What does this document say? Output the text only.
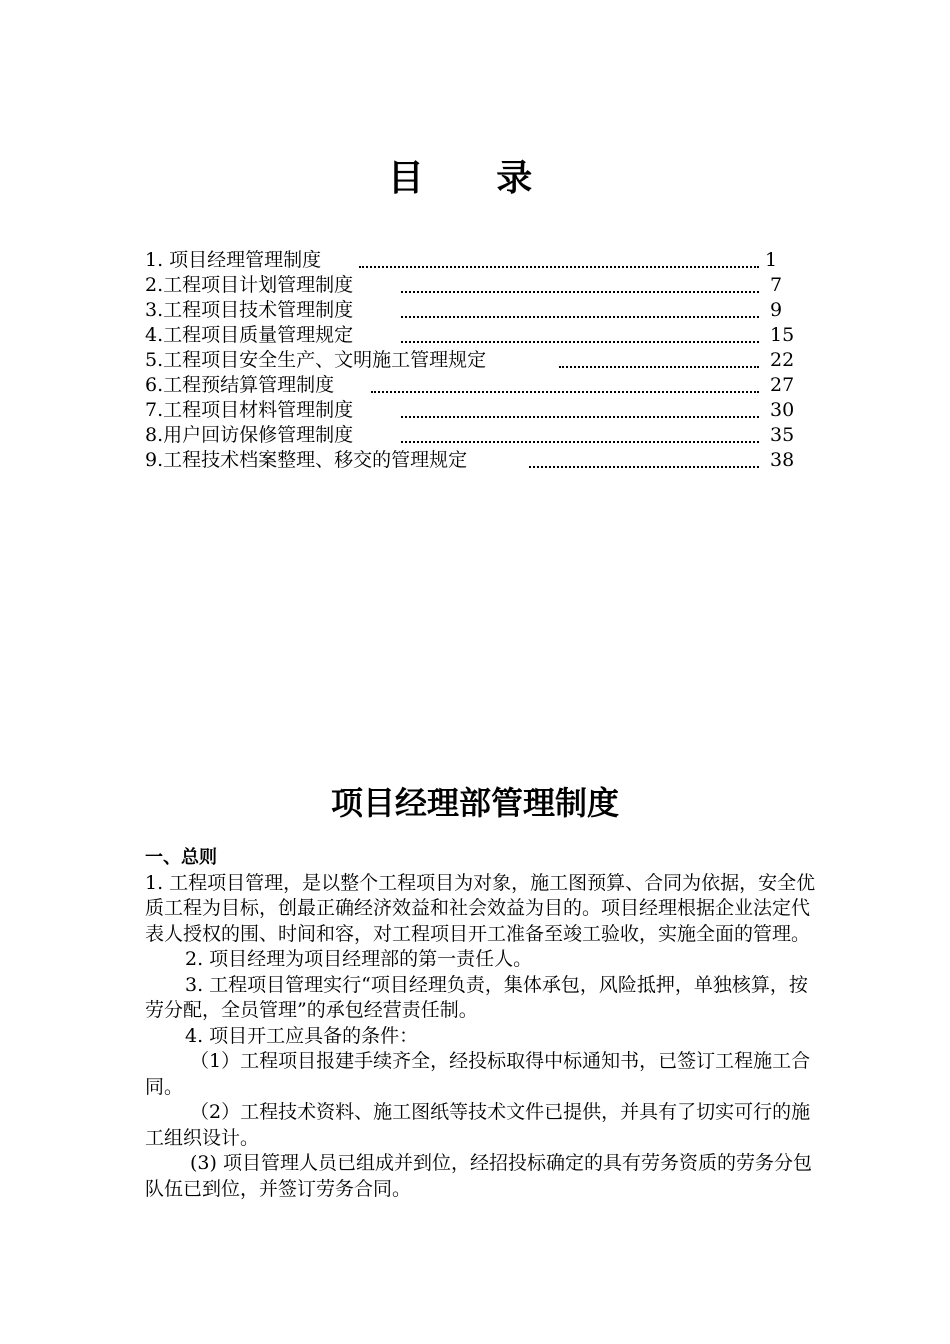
目 录
1. 项目经理管理制度	1
2.工程项目计划管理制度	7
3.工程项目技术管理制度	9
4.工程项目质量管理规定	15
5.工程项目安全生产、文明施工管理规定	22
6.工程预结算管理制度	27
7.工程项目材料管理制度	30
8.用户回访保修管理制度	35
9.工程技术档案整理、移交的管理规定	38
项目经理部管理制度
一、总则

1. 工程项目管理，是以整个工程项目为对象，施工图预算、合同为依据，安全优质工程为目标，创最正确经济效益和社会效益为目的。项目经理根据企业法定代表人授权的围、时间和容，对工程项目开工准备至竣工验收，实施全面的管理。

2. 项目经理为项目经理部的第一责任人。

3. 工程项目管理实行“项目经理负责，集体承包，风险抵押，单独核算，按劳分配，全员管理”的承包经营责任制。

4. 项目开工应具备的条件：

（1）工程项目报建手续齐全，经投标取得中标通知书，已签订工程施工合同。

（2）工程技术资料、施工图纸等技术文件已提供，并具有了切实可行的施工组织设计。

(3) 项目管理人员已组成并到位，经招投标确定的具有劳务资质的劳务分包队伍已到位，并签订劳务合同。
